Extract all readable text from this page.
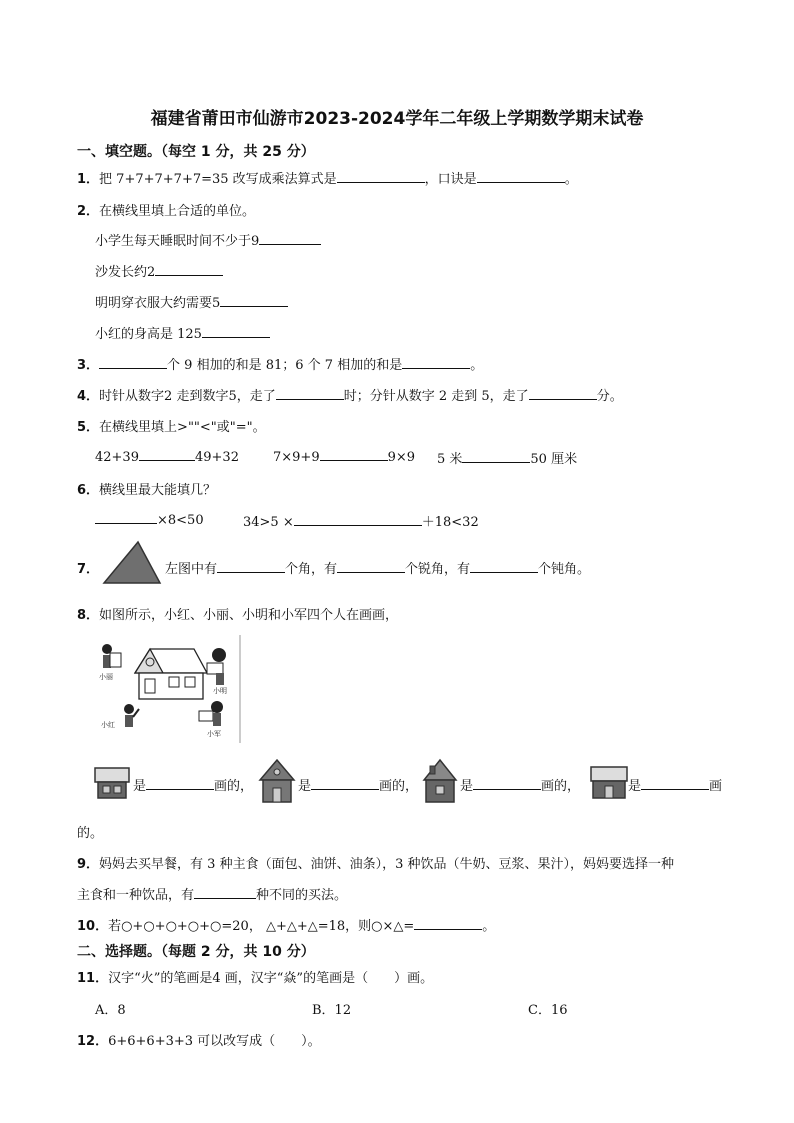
福建省莆田市仙游市2023-2024学年二年级上学期数学期末试卷
一、填空题。（每空 1 分，共 25 分）
1．把 7+7+7+7+7=35 改写成乘法算式是	，口诀是	。
2．在横线里填上合适的单位。
小学生每天睡眠时间不少于9
沙发长约2
明明穿衣服大约需要5
小红的身高是 125
3．	个 9 相加的和是 81；6 个 7 相加的和是	。
4．时针从数字2 走到数字5，走了	时；分针从数字 2 走到 5，走了	分。
5．在横线里填上>""<"或"="。
42+39	49+32	7×9+9	9×9 5 米	50 厘米
6．横线里最大能填几？
×8<50	34>5 ×	＋18<32
7．	左图中有	个角，有	个锐角，有	个钝角。
8．如图所示，小红、小丽、小明和小军四个人在画画，
小丽
小明
小红
小军
是	画的，	是	画的，	是	画的，	是	画
的。
9．妈妈去买早餐，有 3 种主食（面包、油饼、油条），3 种饮品（牛奶、豆浆、果汁），妈妈要选择一种
主食和一种饮品，有	种不同的买法。
10．若○+○+○+○+○=20， △+△+△=18，则○×△=	。
二、选择题。（每题 2 分，共 10 分）
11．汉字“火”的笔画是4 画，汉字“焱”的笔画是（　　）画。
A．8	B．12	C．16
12．6+6+6+3+3 可以改写成（　　）。
